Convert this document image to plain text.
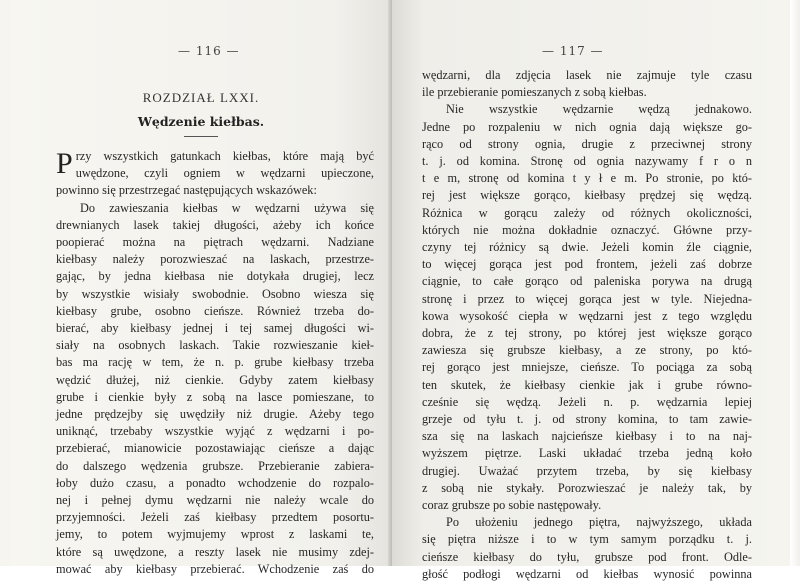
— 116 —
ROZDZIAŁ LXXI.
Wędzenie kiełbas.
P rzy wszystkich gatunkach kiełbas, które mają być
uwędzone, czyli ogniem w wędzarni upieczone,
powinno się przestrzegać następujących wskazówek:
Do zawieszania kiełbas w wędzarni używa się
drewnianych lasek takiej długości, ażeby ich końce
poopierać można na piętrach wędzarni. Nadziane
kiełbasy należy porozwieszać na laskach, przestrze-
gając, by jedna kiełbasa nie dotykała drugiej, lecz
by wszystkie wisiały swobodnie. Osobno wiesza się
kiełbasy grube, osobno cieńsze. Również trzeba do-
bierać, aby kiełbasy jednej i tej samej długości wi-
siały na osobnych laskach. Takie rozwieszanie kieł-
bas ma rację w tem, że n. p. grube kiełbasy trzeba
wędzić dłużej, niż cienkie. Gdyby zatem kiełbasy
grube i cienkie były z sobą na lasce pomieszane, to
jedne prędzejby się uwędziły niż drugie. Ażeby tego
uniknąć, trzebaby wszystkie wyjąć z wędzarni i po-
przebierać, mianowicie pozostawiając cieńsze a dając
do dalszego wędzenia grubsze. Przebieranie zabiera-
łoby dużo czasu, a ponadto wchodzenie do rozpalo-
nej i pełnej dymu wędzarni nie należy wcale do
przyjemności. Jeżeli zaś kiełbasy przedtem posortu-
jemy, to potem wyjmujemy wprost z laskami te,
które są uwędzone, a reszty lasek nie musimy zdej-
mować aby kiełbasy przebierać. Wchodzenie zaś do
— 117 —
wędzarni, dla zdjęcia lasek nie zajmuje tyle czasu
ile przebieranie pomieszanych z sobą kiełbas.
Nie wszystkie wędzarnie wędzą jednakowo.
Jedne po rozpaleniu w nich ognia dają większe go-
rąco od strony ognia, drugie z przeciwnej strony
t. j. od komina. Stronę od ognia nazywamy f r o n
t e m, stronę od komina t y ł e m. Po stronie, po któ-
rej jest większe gorąco, kiełbasy prędzej się wędzą.
Różnica w gorącu zależy od różnych okoliczności,
których nie można dokładnie oznaczyć. Główne przy-
czyny tej różnicy są dwie. Jeżeli komin źle ciągnie,
to więcej gorąca jest pod frontem, jeżeli zaś dobrze
ciągnie, to całe gorąco od paleniska porywa na drugą
stronę i przez to więcej gorąca jest w tyle. Niejedna-
kowa wysokość ciepła w wędzarni jest z tego względu
dobra, że z tej strony, po której jest większe gorąco
zawiesza się grubsze kiełbasy, a ze strony, po któ-
rej gorąco jest mniejsze, cieńsze. To pociąga za sobą
ten skutek, że kiełbasy cienkie jak i grube równo-
cześnie się wędzą. Jeżeli n. p. wędzarnia lepiej
grzeje od tyłu t. j. od strony komina, to tam zawie-
sza się na laskach najcieńsze kiełbasy i to na naj-
wyższem piętrze. Laski układać trzeba jedną koło
drugiej. Uważać przytem trzeba, by się kiełbasy
z sobą nie stykały. Porozwieszać je należy tak, by
coraz grubsze po sobie następowały.
Po ułożeniu jednego piętra, najwyższego, układa
się piętra niższe i to w tym samym porządku t. j.
cieńsze kiełbasy do tyłu, grubsze pod front. Odle-
głość podłogi wędzarni od kiełbas wynosić powinna
